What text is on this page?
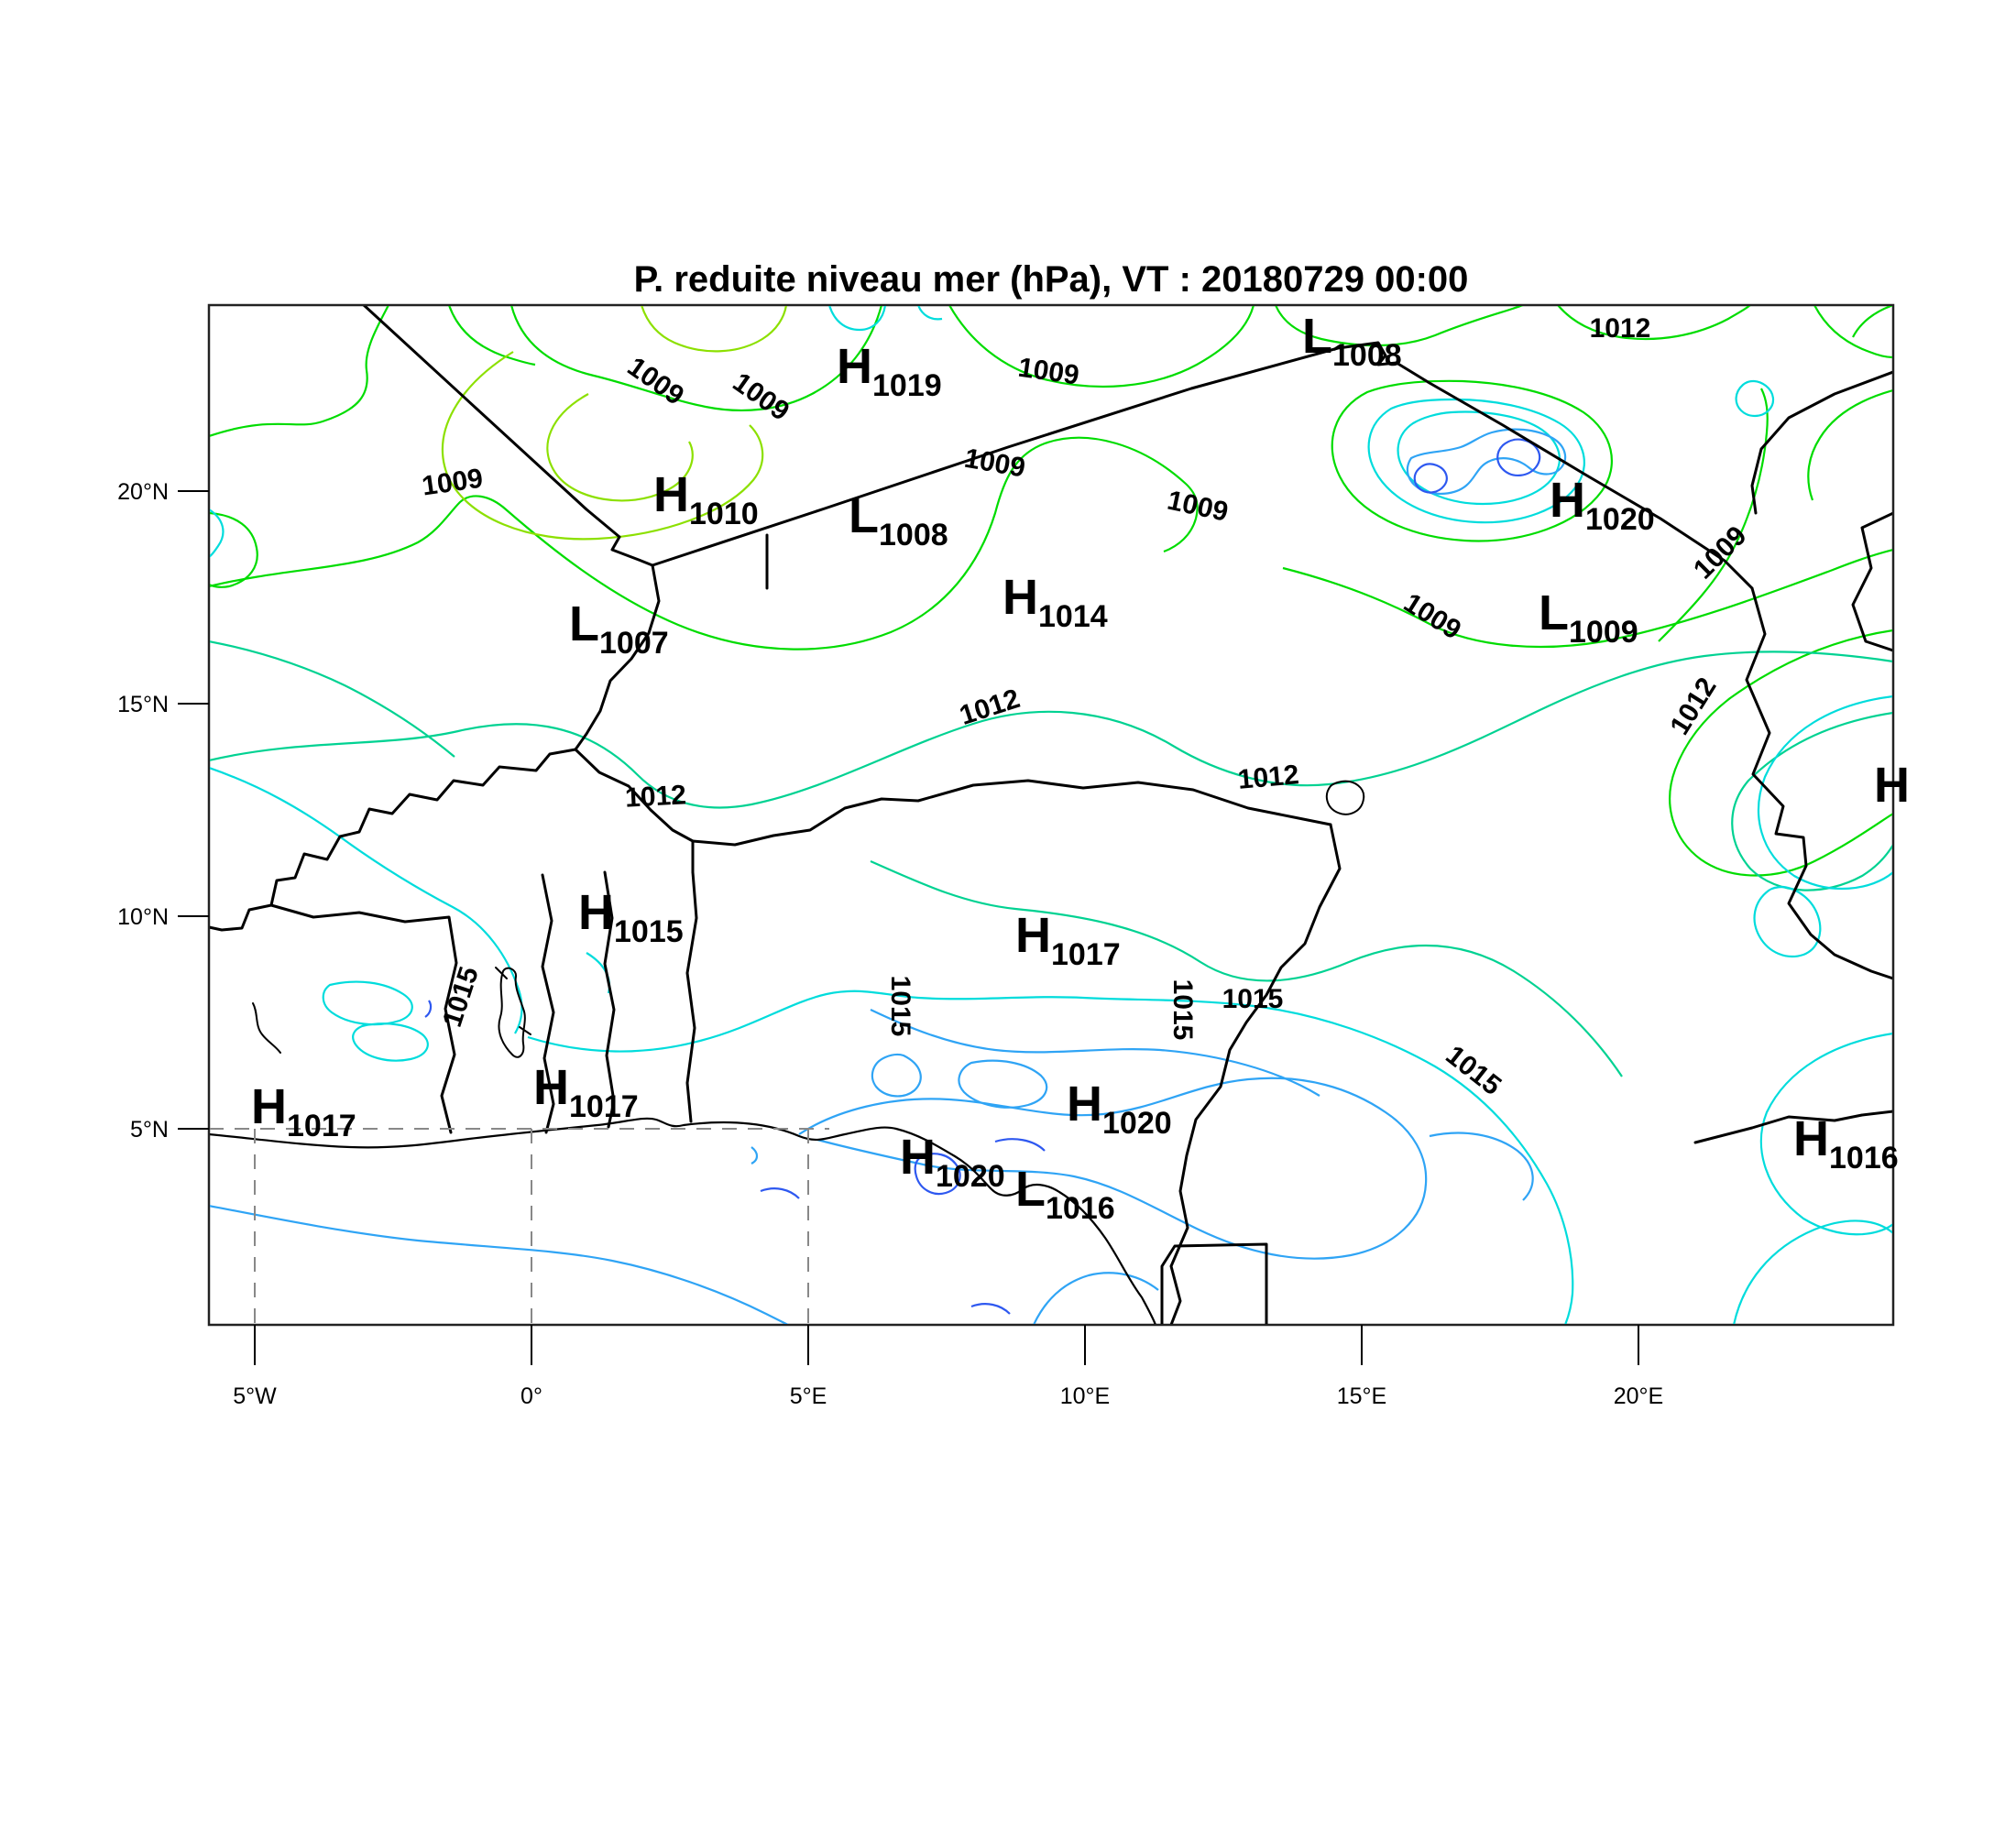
P. reduite niveau mer (hPa), VT : 20180729 00:00
20°N
15°N
10°N
5°N
5°W	0°	5°E	10°E	15°E	20°E
$H_{1019}$
$L_{1008}$
$H_{1010}$ $L_{1008}$
$H_{1020}$
$H_{1014}$
$L_{1007}$
$L_{1009}$
$H_{1015}$	$H_{1017}$
$H_{1017}$
$H_{1017}$	$H_{1020}$
$H_{1020}$ $L_{1016}$
$H_{1016}$
H
1009 1009	1009
1009	1009
1009
1009
1009
1012
1012
1012
1012
1012
1015	1015	1015 1015
1015
